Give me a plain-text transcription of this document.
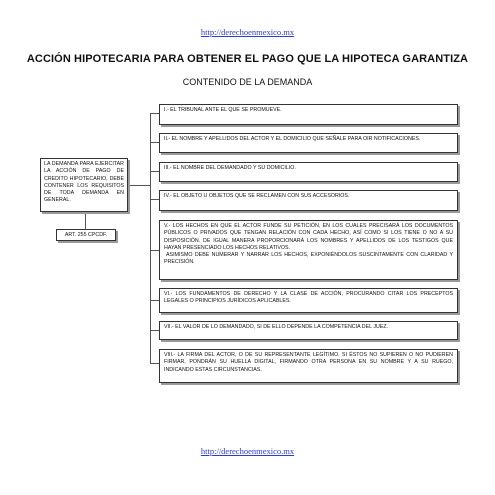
http://derechoenmexico.mx
ACCIÓN HIPOTECARIA PARA OBTENER EL PAGO QUE LA HIPOTECA GARANTIZA
CONTENIDO DE LA DEMANDA
LA DEMANDA PARA EJERCITAR LA ACCIÓN DE PAGO DE CREDITO HIPOTECARIO, DEBE CONTENER LOS REQUISITOS DE TODA DEMANDA EN GENERAL.
ART. 255 CPCDF.

I.- EL TRIBUNAL ANTE EL QUE SE PROMUEVE.

II.- EL NOMBRE Y APELLIDOS DEL ACTOR Y EL DOMICILIO QUE SEÑALE PARA OIR NOTIFICACIONES.

III.- EL NOMBRE DEL DEMANDADO Y SU DOMICILIO.

IV.- EL OBJETO U OBJETOS QUE SE RECLAMEN CON SUS ACCESORIOS.

V.- LOS HECHOS EN QUE EL ACTOR FUNDE SU PETICIÓN, EN LOS CUALES PRECISARÁ LOS DOCUMENTOS PÚBLICOS O PRIVADOS QUE TENGAN RELACIÓN CON CADA HECHO, ASÍ COMO SI LOS TIENE O NO A SU DISPOSICIÓN. DE IGUAL MANERA PROPORCIONARÁ LOS NOMBRES Y APELLIDOS DE LOS TESTIGOS QUE HAYAN PRESENCIADO LOS HECHOS RELATIVOS.

ASIMISMO DEBE NUMERAR Y NARRAR LOS HECHOS, EXPONIÉNDOLOS SUSCINTAMENTE CON CLARIDAD Y PRECISIÓN.

VI.- LOS FUNDAMENTOS DE DERECHO Y LA CLASE DE ACCIÓN, PROCURANDO CITAR LOS PRECEPTOS LEGALES O PRINCIPIOS JURÍDICOS APLICABLES.

VII.- EL VALOR DE LO DEMANDADO, SI DE ELLO DEPENDE LA COMPETENCIA DEL JUEZ.

VIII.- LA FIRMA DEL ACTOR, O DE SU REPRESENTANTE LEGÍTIMO. SI ÉSTOS NO SUPIEREN O NO PUDIEREN FIRMAR, PONDRÁN SU HUELLA DIGITAL, FIRMANDO OTRA PERSONA EN SU NOMBRE Y A SU RUEGO, INDICANDO ESTAS CIRCUNSTANCIAS.

http://derechoenmexico.mx
